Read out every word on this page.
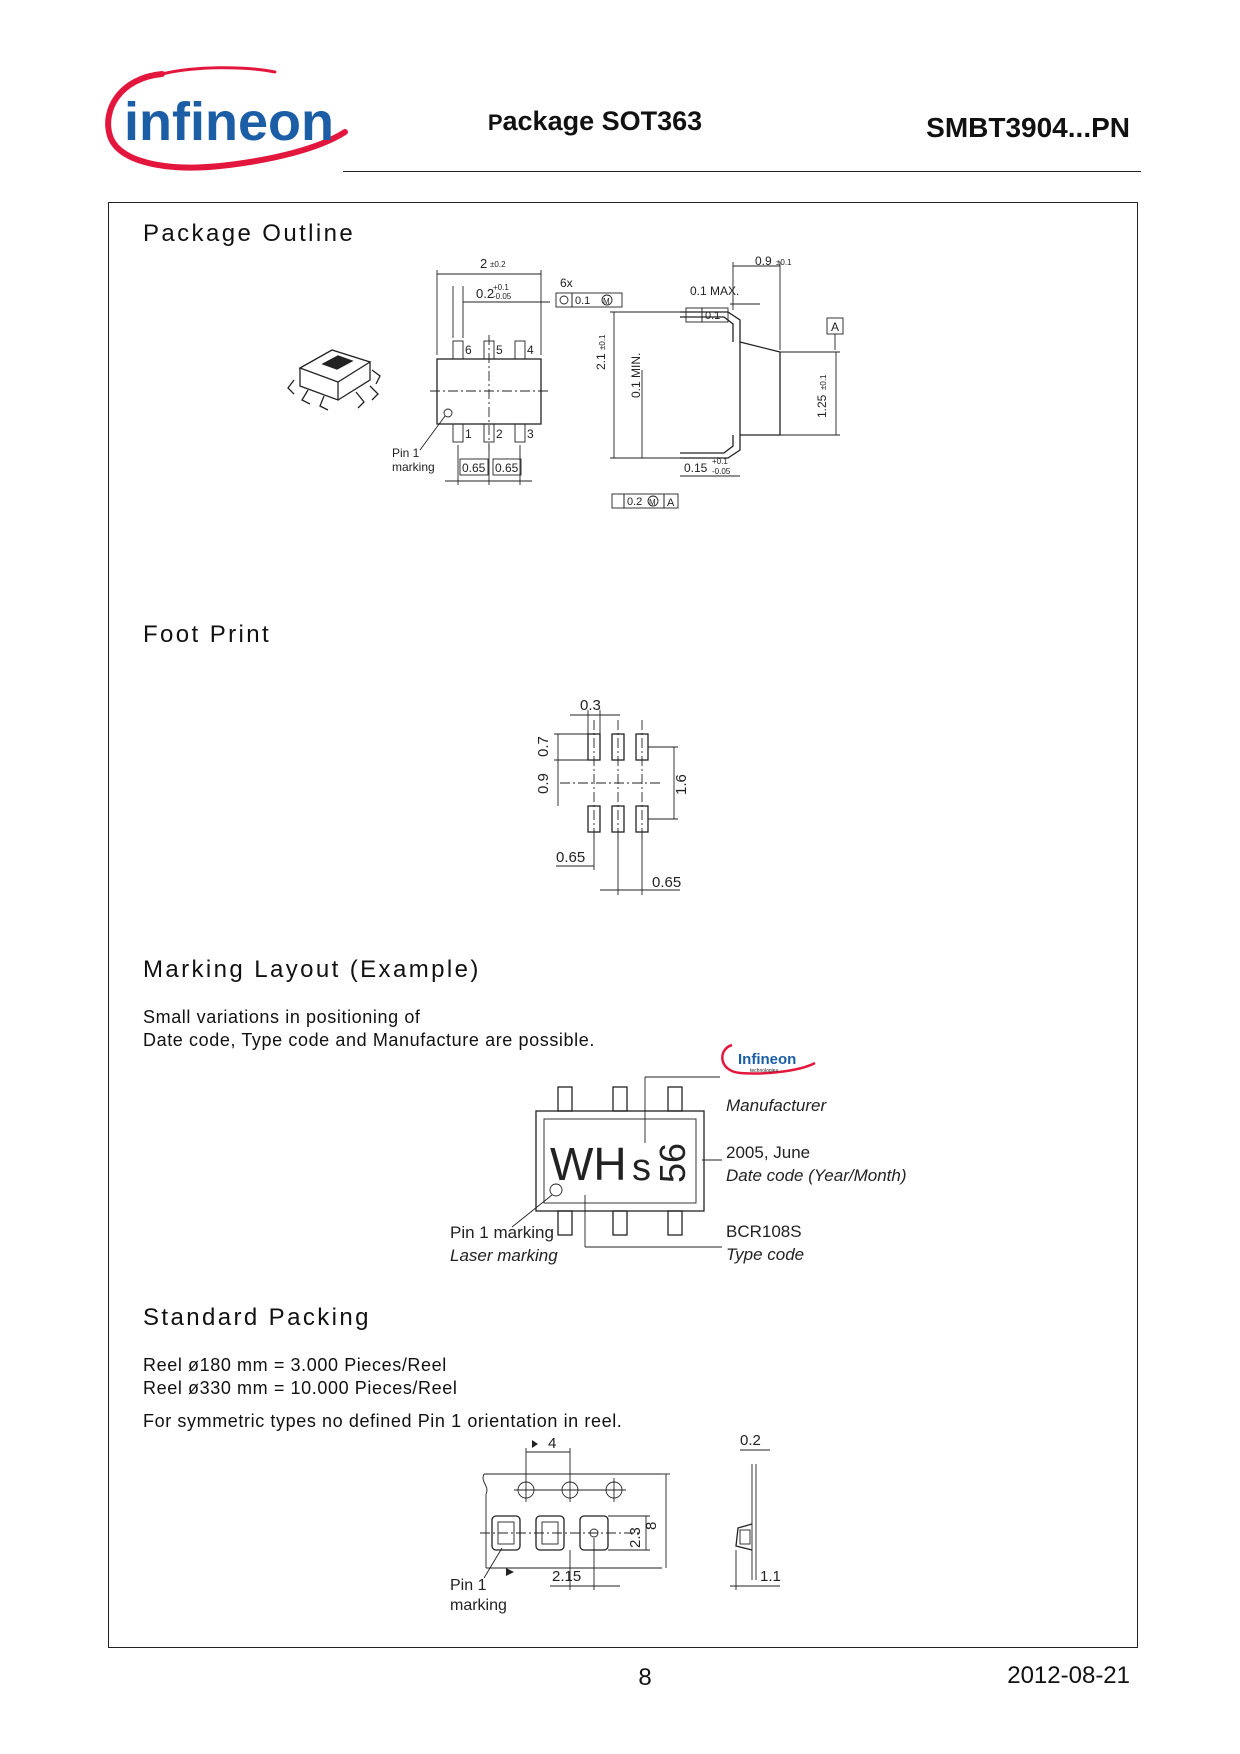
infineon	Package SOT363	SMBT3904...PN
Package Outline
Foot Print
Marking Layout (Example)
Standard Packing
Small variations in positioning of
Date code, Type code and Manufacture are possible.
Reel ø180 mm = 3.000 Pieces/Reel
Reel ø330 mm = 10.000 Pieces/Reel
For symmetric types no defined Pin 1 orientation in reel.
6 5 4
1 2 3
2 ±0.2
0.2
+0.1
-0.05
6x
0.1 M
0.65 0.65
Pin 1
marking
0.9 ±0.1
0.1 MAX.
0.1
A
2.1
±0.1
0.1 MIN.
1.25
±0.1
0.15 +0.1
-0.05
0.2 M A
0.3
0.7
0.9	1.6
0.65
0.65
Infineon
technologies
WH s 56
Manufacturer
2005, June
Date code (Year/Month)
BCR108S
Type code
Pin 1 marking
Laser marking
4
8
2.3
2.15
Pin 1
marking
0.2
1.1
8	2012-08-21
